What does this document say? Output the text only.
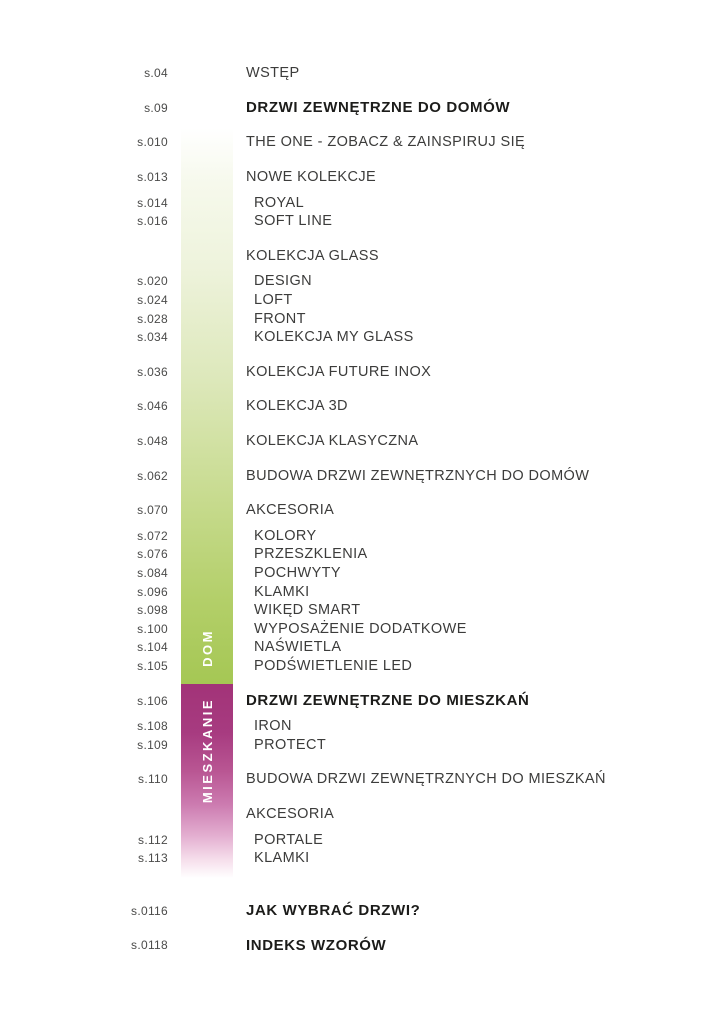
DOM
MIESZKANIE
s.04	WSTĘP
s.09	DRZWI ZEWNĘTRZNE DO DOMÓW
s.010	THE ONE - ZOBACZ & ZAINSPIRUJ SIĘ
s.013	NOWE KOLEKCJE
s.014	ROYAL
s.016	SOFT LINE
KOLEKCJA GLASS
s.020	DESIGN
s.024	LOFT
s.028	FRONT
s.034	KOLEKCJA MY GLASS
s.036	KOLEKCJA FUTURE INOX
s.046	KOLEKCJA 3D
s.048	KOLEKCJA KLASYCZNA
s.062	BUDOWA DRZWI ZEWNĘTRZNYCH DO DOMÓW
s.070	AKCESORIA
s.072	KOLORY
s.076	PRZESZKLENIA
s.084	POCHWYTY
s.096	KLAMKI
s.098	WIKĘD SMART
s.100	WYPOSAŻENIE DODATKOWE
s.104	NAŚWIETLA
s.105	PODŚWIETLENIE LED
s.106	DRZWI ZEWNĘTRZNE DO MIESZKAŃ
s.108	IRON
s.109	PROTECT
s.110	BUDOWA DRZWI ZEWNĘTRZNYCH DO MIESZKAŃ
AKCESORIA
s.112	PORTALE
s.113	KLAMKI
s.0116	JAK WYBRAĆ DRZWI?
s.0118	INDEKS WZORÓW
